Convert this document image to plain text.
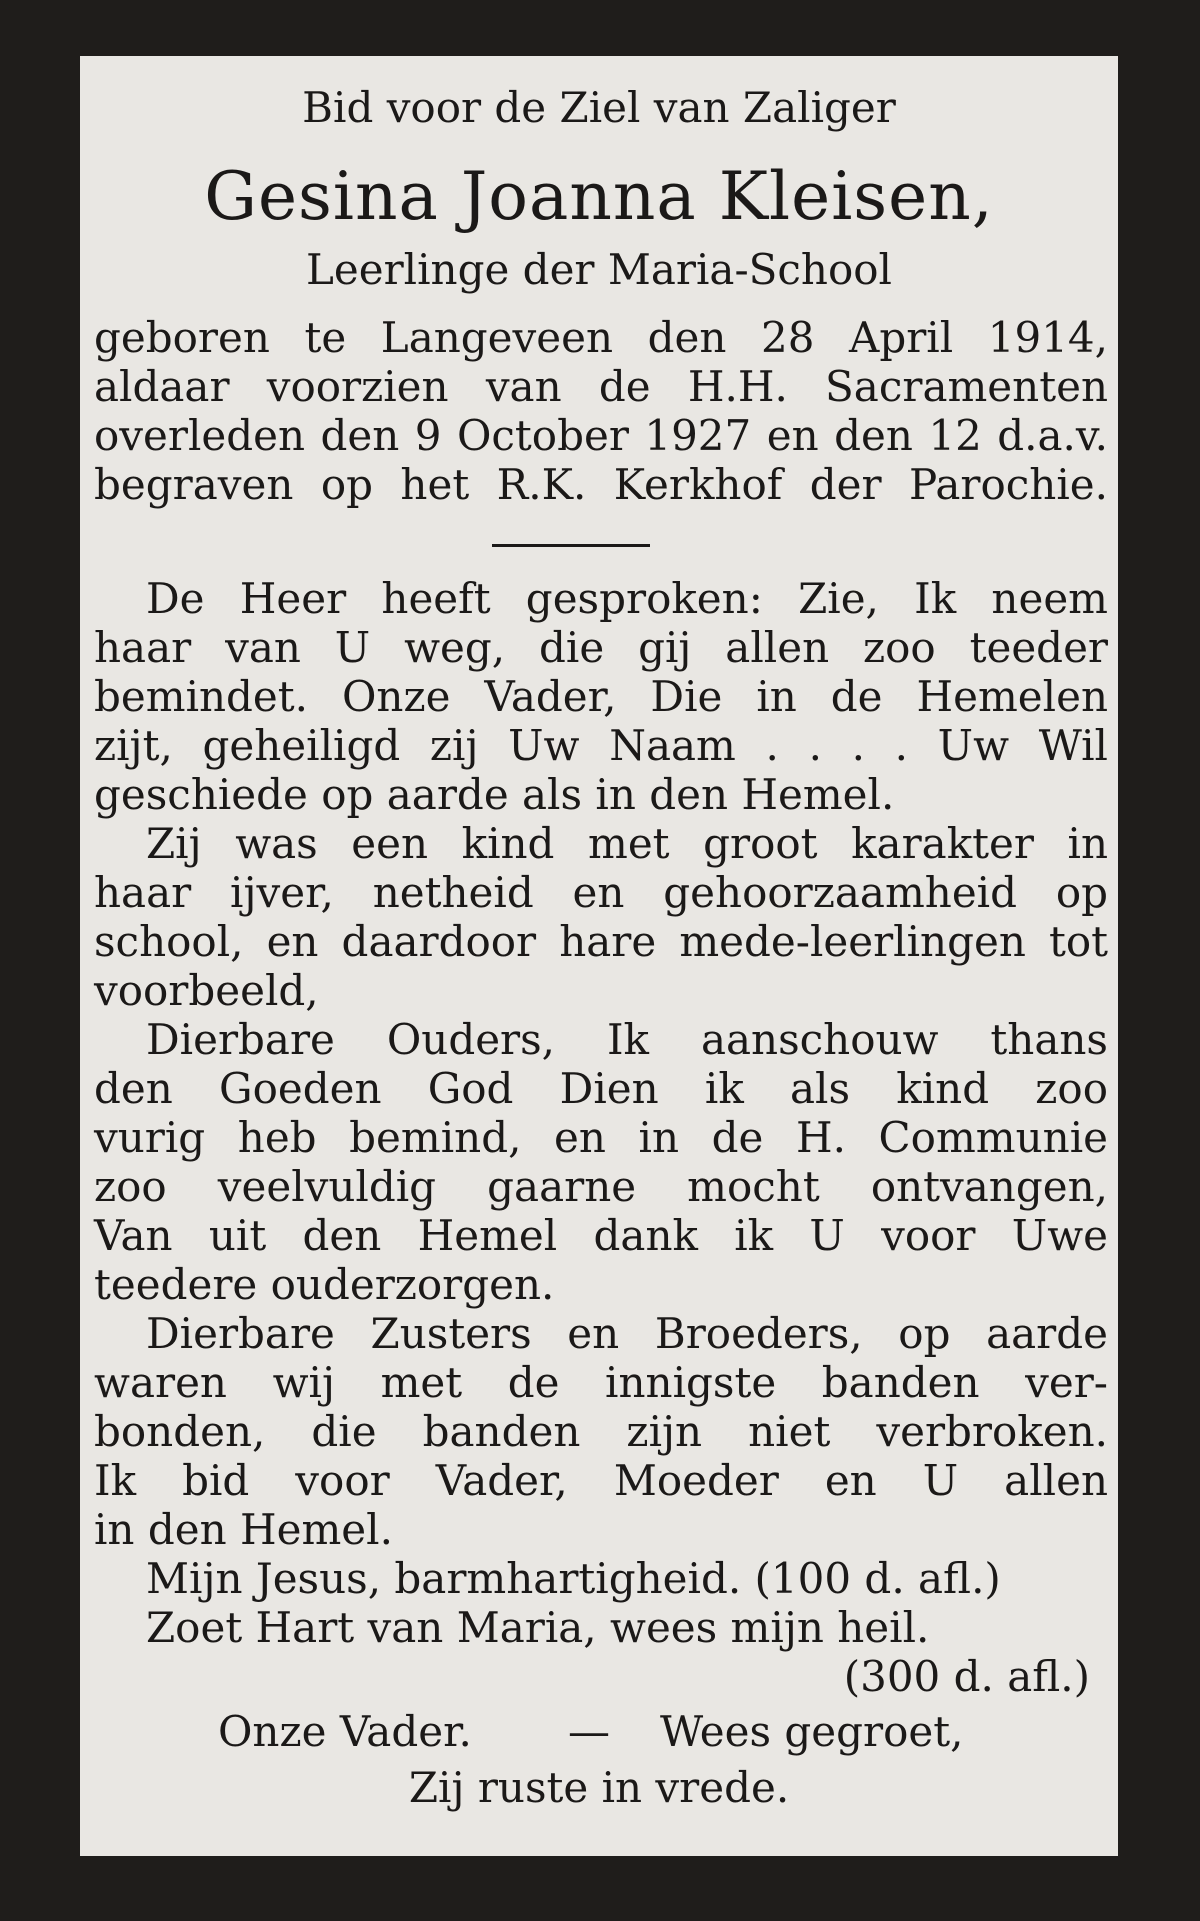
Bid voor de Ziel van Zaliger
Gesina Joanna Kleisen,
Leerlinge der Maria-School
geboren te Langeveen den 28 April 1914,
aldaar voorzien van de H.H. Sacramenten
overleden den 9 October 1927 en den 12 d.a.v.
begraven op het R.K. Kerkhof der Parochie.
De Heer heeft gesproken: Zie, Ik neem
haar van U weg, die gij allen zoo teeder
bemindet. Onze Vader, Die in de Hemelen
zijt, geheiligd zij Uw Naam . . . . Uw Wil
geschiede op aarde als in den Hemel.
Zij was een kind met groot karakter in
haar ijver, netheid en gehoorzaamheid op
school, en daardoor hare mede-leerlingen tot
voorbeeld,
Dierbare Ouders, Ik aanschouw thans
den Goeden God Dien ik als kind zoo
vurig heb bemind, en in de H. Communie
zoo veelvuldig gaarne mocht ontvangen,
Van uit den Hemel dank ik U voor Uwe
teedere ouderzorgen.
Dierbare Zusters en Broeders, op aarde
waren wij met de innigste banden ver-
bonden, die banden zijn niet verbroken.
Ik bid voor Vader, Moeder en U allen
in den Hemel.
Mijn Jesus, barmhartigheid. (100 d. afl.)
Zoet Hart van Maria, wees mijn heil.
(300 d. afl.)
Onze Vader. — Wees gegroet,
Zij ruste in vrede.
